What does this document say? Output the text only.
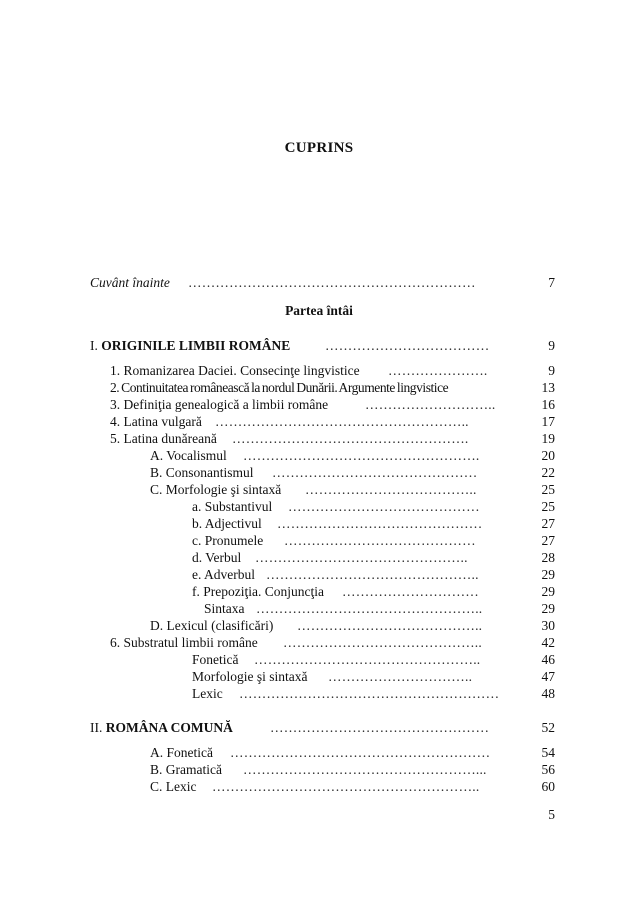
CUPRINS
Cuvânt înainte ………………………………………………………	7
Partea întâi
I. ORIGINILE LIMBII ROMÂNE	………………………………	9
1. Romanizarea Daciei. Consecinţe lingvistice ………………….	9
2. Continuitatea românească la nordul Dunării. Argumente lingvistice	13
3. Definiţia genealogică a limbii române	………………………..	16
4. Latina vulgară ………………………………………………..	17
5. Latina dunăreană …………………………………………….	19
A. Vocalismul …………………………………………….	20
B. Consonantismul ………………………………………	22
C. Morfologie şi sintaxă ………………………………..	25
a. Substantivul ……………………………………	25
b. Adjectivul ………………………………………	27
c. Pronumele ……………………………………	27
d. Verbul ………………………………………..	28
e. Adverbul ………………………………………..	29
f. Prepoziţia. Conjuncţia …………………………	29
Sintaxa …………………………………………..	29
D. Lexicul (clasificări) …………………………………..	30
6. Substratul limbii române ……………………………………..	42
Fonetică …………………………………………..	46
Morfologie şi sintaxă …………………………..	47
Lexic …………………………………………………	48
II. ROMÂNA COMUNĂ	…………………………………………	52
A. Fonetică …………………………………………………	54
B. Gramatică ……………………………………………...	56
C. Lexic …………………………………………………..	60
5
